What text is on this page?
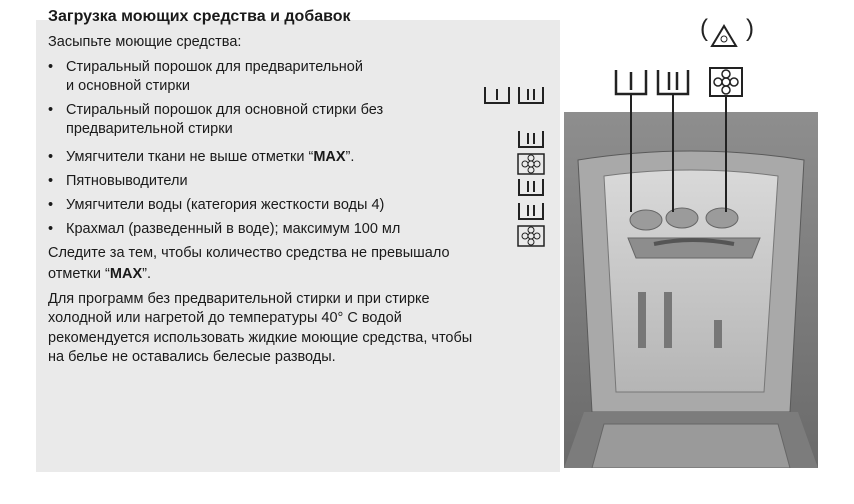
Загрузка моющих средства и добавок
Засыпьте моющие средства:
• Стиральный порошок для предварительной
и основной стирки
• Стиральный порошок для основной стирки без
предварительной стирки
• Умягчители ткани не выше отметки “MAX”.
• Пятновыводители
• Умягчители воды (категория жесткости воды 4)
• Крахмал (разведенный в воде); максимум 100 мл
Следите за тем, чтобы количество средства не превышало
отметки “MAX”.
Для программ без предварительной стирки и при стирке
холодной или нагретой до температуры 40° С водой
рекомендуется использовать жидкие моющие средства, чтобы
на белье не оставались белесые разводы.
( )
